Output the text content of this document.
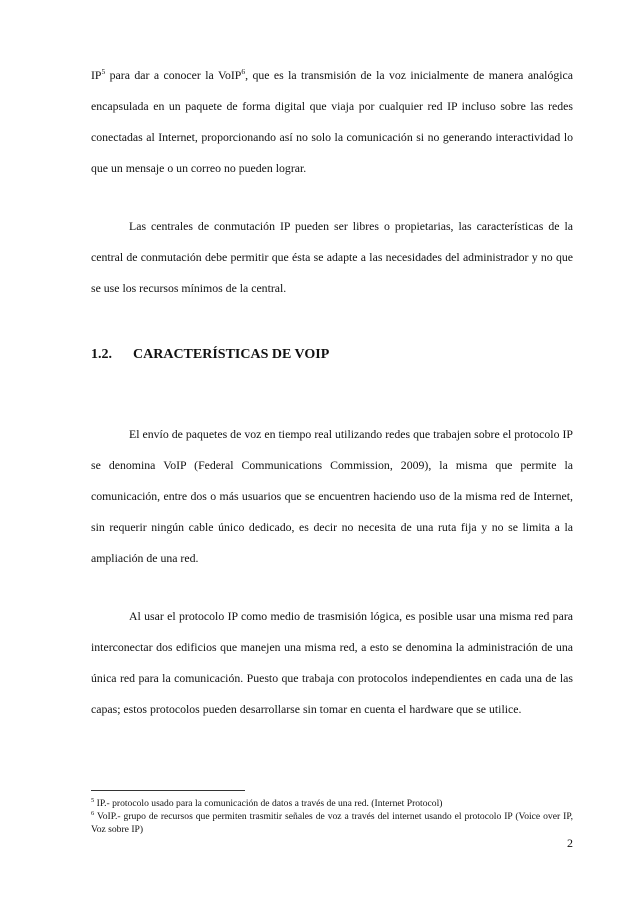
$IP^5$ para dar a conocer la VoIP$^6$, que es la transmisión de la voz inicialmente de manera analógica encapsulada en un paquete de forma digital que viaja por cualquier red IP incluso sobre las redes conectadas al Internet, proporcionando así no solo la comunicación si no generando interactividad lo que un mensaje o un correo no pueden lograr.

Las centrales de conmutación IP pueden ser libres o propietarias, las características de la central de conmutación debe permitir que ésta se adapte a las necesidades del administrador y no que se use los recursos mínimos de la central.

1.2. CARACTERÍSTICAS DE VOIP

El envío de paquetes de voz en tiempo real utilizando redes que trabajen sobre el protocolo IP se denomina VoIP (Federal Communications Commission, 2009), la misma que permite la comunicación, entre dos o más usuarios que se encuentren haciendo uso de la misma red de Internet, sin requerir ningún cable único dedicado, es decir no necesita de una ruta fija y no se limita a la ampliación de una red.

Al usar el protocolo IP como medio de trasmisión lógica, es posible usar una misma red para interconectar dos edificios que manejen una misma red, a esto se denomina la administración de una única red para la comunicación. Puesto que trabaja con protocolos independientes en cada una de las capas; estos protocolos pueden desarrollarse sin tomar en cuenta el hardware que se utilice.

$^5$ IP.- protocolo usado para la comunicación de datos a través de una red. (Internet Protocol)

$^6$ VoIP.- grupo de recursos que permiten trasmitir señales de voz a través del internet usando el protocolo IP (Voice over IP, Voz sobre IP)

2
